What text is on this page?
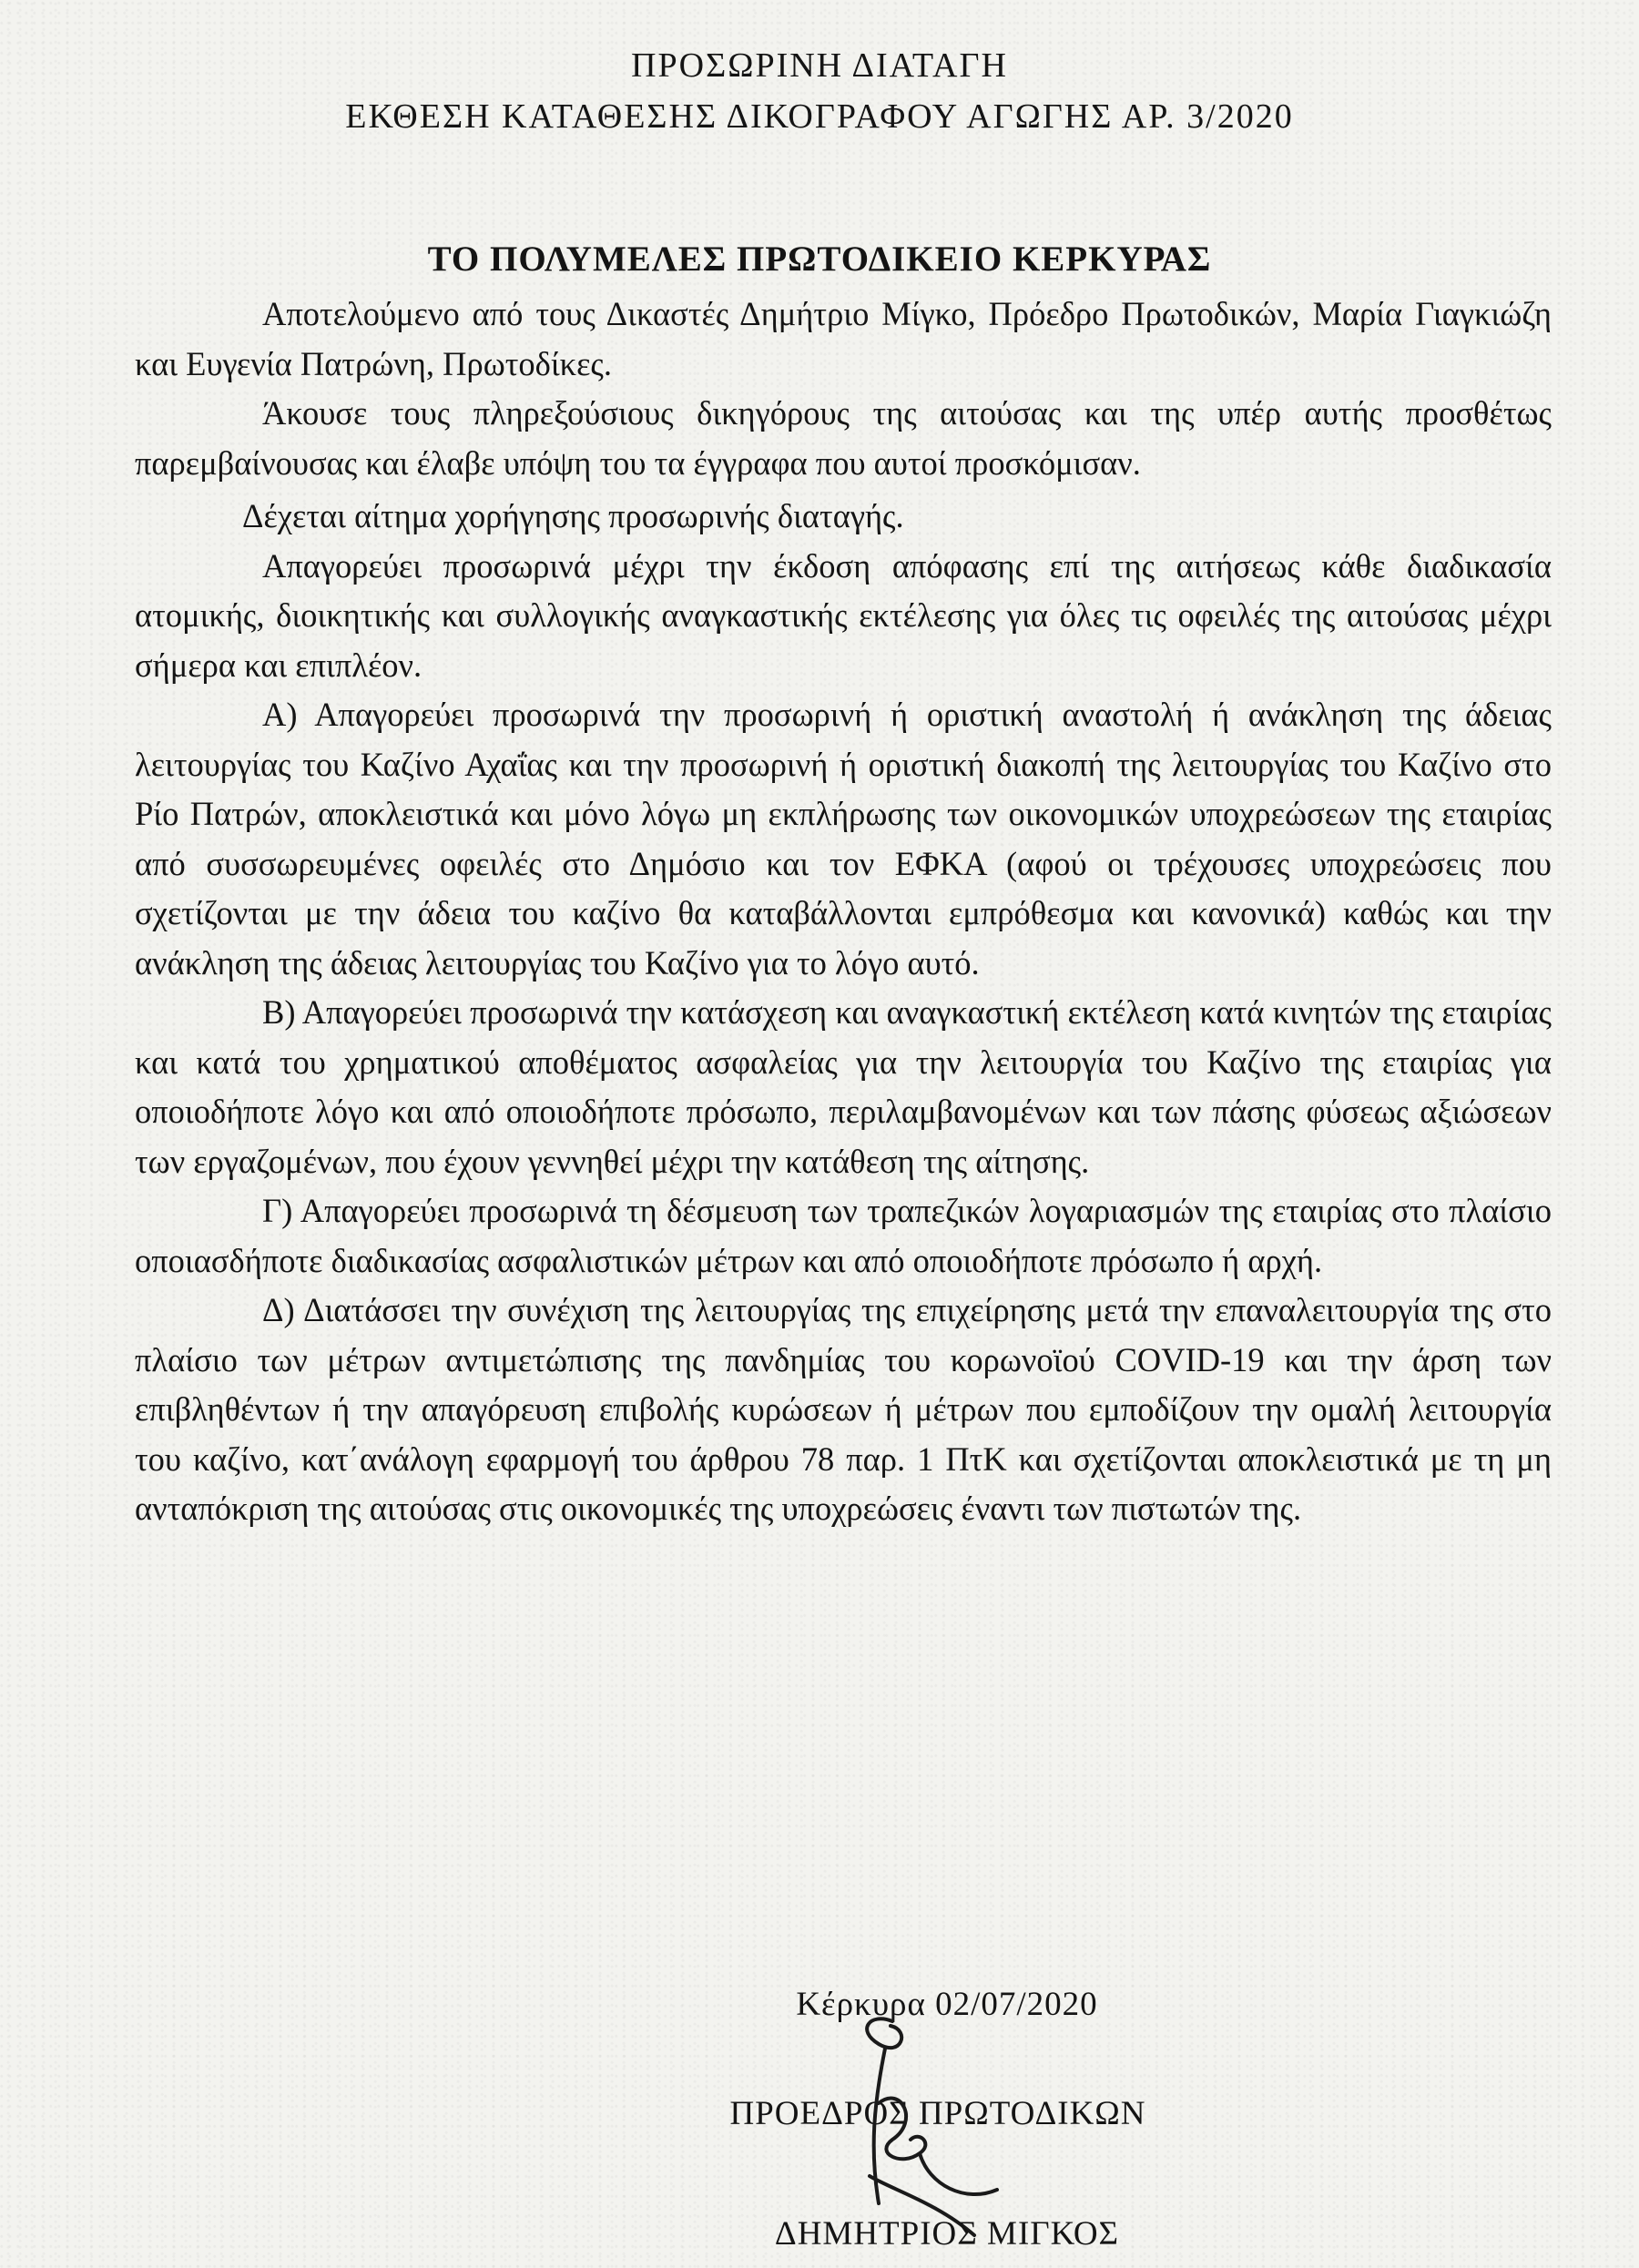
ΠΡΟΣΩΡΙΝΗ ΔΙΑΤΑΓΗ
ΕΚΘΕΣΗ ΚΑΤΑΘΕΣΗΣ ΔΙΚΟΓΡΑΦΟΥ ΑΓΩΓΗΣ ΑΡ. 3/2020
ΤΟ ΠΟΛΥΜΕΛΕΣ ΠΡΩΤΟΔΙΚΕΙΟ ΚΕΡΚΥΡΑΣ

Αποτελούμενο από τους Δικαστές Δημήτριο Μίγκο, Πρόεδρο Πρωτοδικών, Μαρία Γιαγκιώζη και Ευγενία Πατρώνη, Πρωτοδίκες.

Άκουσε τους πληρεξούσιους δικηγόρους της αιτούσας και της υπέρ αυτής προσθέτως παρεμβαίνουσας και έλαβε υπόψη του τα έγγραφα που αυτοί προσκόμισαν.

Δέχεται αίτημα χορήγησης προσωρινής διαταγής.

Απαγορεύει προσωρινά μέχρι την έκδοση απόφασης επί της αιτήσεως κάθε διαδικασία ατομικής, διοικητικής και συλλογικής αναγκαστικής εκτέλεσης για όλες τις οφειλές της αιτούσας μέχρι σήμερα και επιπλέον.

Α) Απαγορεύει προσωρινά την προσωρινή ή οριστική αναστολή ή ανάκληση της άδειας λειτουργίας του Καζίνο Αχαΐας και την προσωρινή ή οριστική διακοπή της λειτουργίας του Καζίνο στο Ρίο Πατρών, αποκλειστικά και μόνο λόγω μη εκπλήρωσης των οικονομικών υποχρεώσεων της εταιρίας από συσσωρευμένες οφειλές στο Δημόσιο και τον ΕΦΚΑ (αφού οι τρέχουσες υποχρεώσεις που σχετίζονται με την άδεια του καζίνο θα καταβάλλονται εμπρόθεσμα και κανονικά) καθώς και την ανάκληση της άδειας λειτουργίας του Καζίνο για το λόγο αυτό.

Β) Απαγορεύει προσωρινά την κατάσχεση και αναγκαστική εκτέλεση κατά κινητών της εταιρίας και κατά του χρηματικού αποθέματος ασφαλείας για την λειτουργία του Καζίνο της εταιρίας για οποιοδήποτε λόγο και από οποιοδήποτε πρόσωπο, περιλαμβανομένων και των πάσης φύσεως αξιώσεων των εργαζομένων, που έχουν γεννηθεί μέχρι την κατάθεση της αίτησης.

Γ) Απαγορεύει προσωρινά τη δέσμευση των τραπεζικών λογαριασμών της εταιρίας στο πλαίσιο οποιασδήποτε διαδικασίας ασφαλιστικών μέτρων και από οποιοδήποτε πρόσωπο ή αρχή.

Δ) Διατάσσει την συνέχιση της λειτουργίας της επιχείρησης μετά την επαναλειτουργία της στο πλαίσιο των μέτρων αντιμετώπισης της πανδημίας του κορωνοϊού COVID-19 και την άρση των επιβληθέντων ή την απαγόρευση επιβολής κυρώσεων ή μέτρων που εμποδίζουν την ομαλή λειτουργία του καζίνο, κατ΄ανάλογη εφαρμογή του άρθρου 78 παρ. 1 ΠτΚ και σχετίζονται αποκλειστικά με τη μη ανταπόκριση της αιτούσας στις οικονομικές της υποχρεώσεις έναντι των πιστωτών της.

Κέρκυρα 02/07/2020
ΠΡΟΕΔΡΟΣ ΠΡΩΤΟΔΙΚΩΝ
ΔΗΜΗΤΡΙΟΣ ΜΙΓΚΟΣ
